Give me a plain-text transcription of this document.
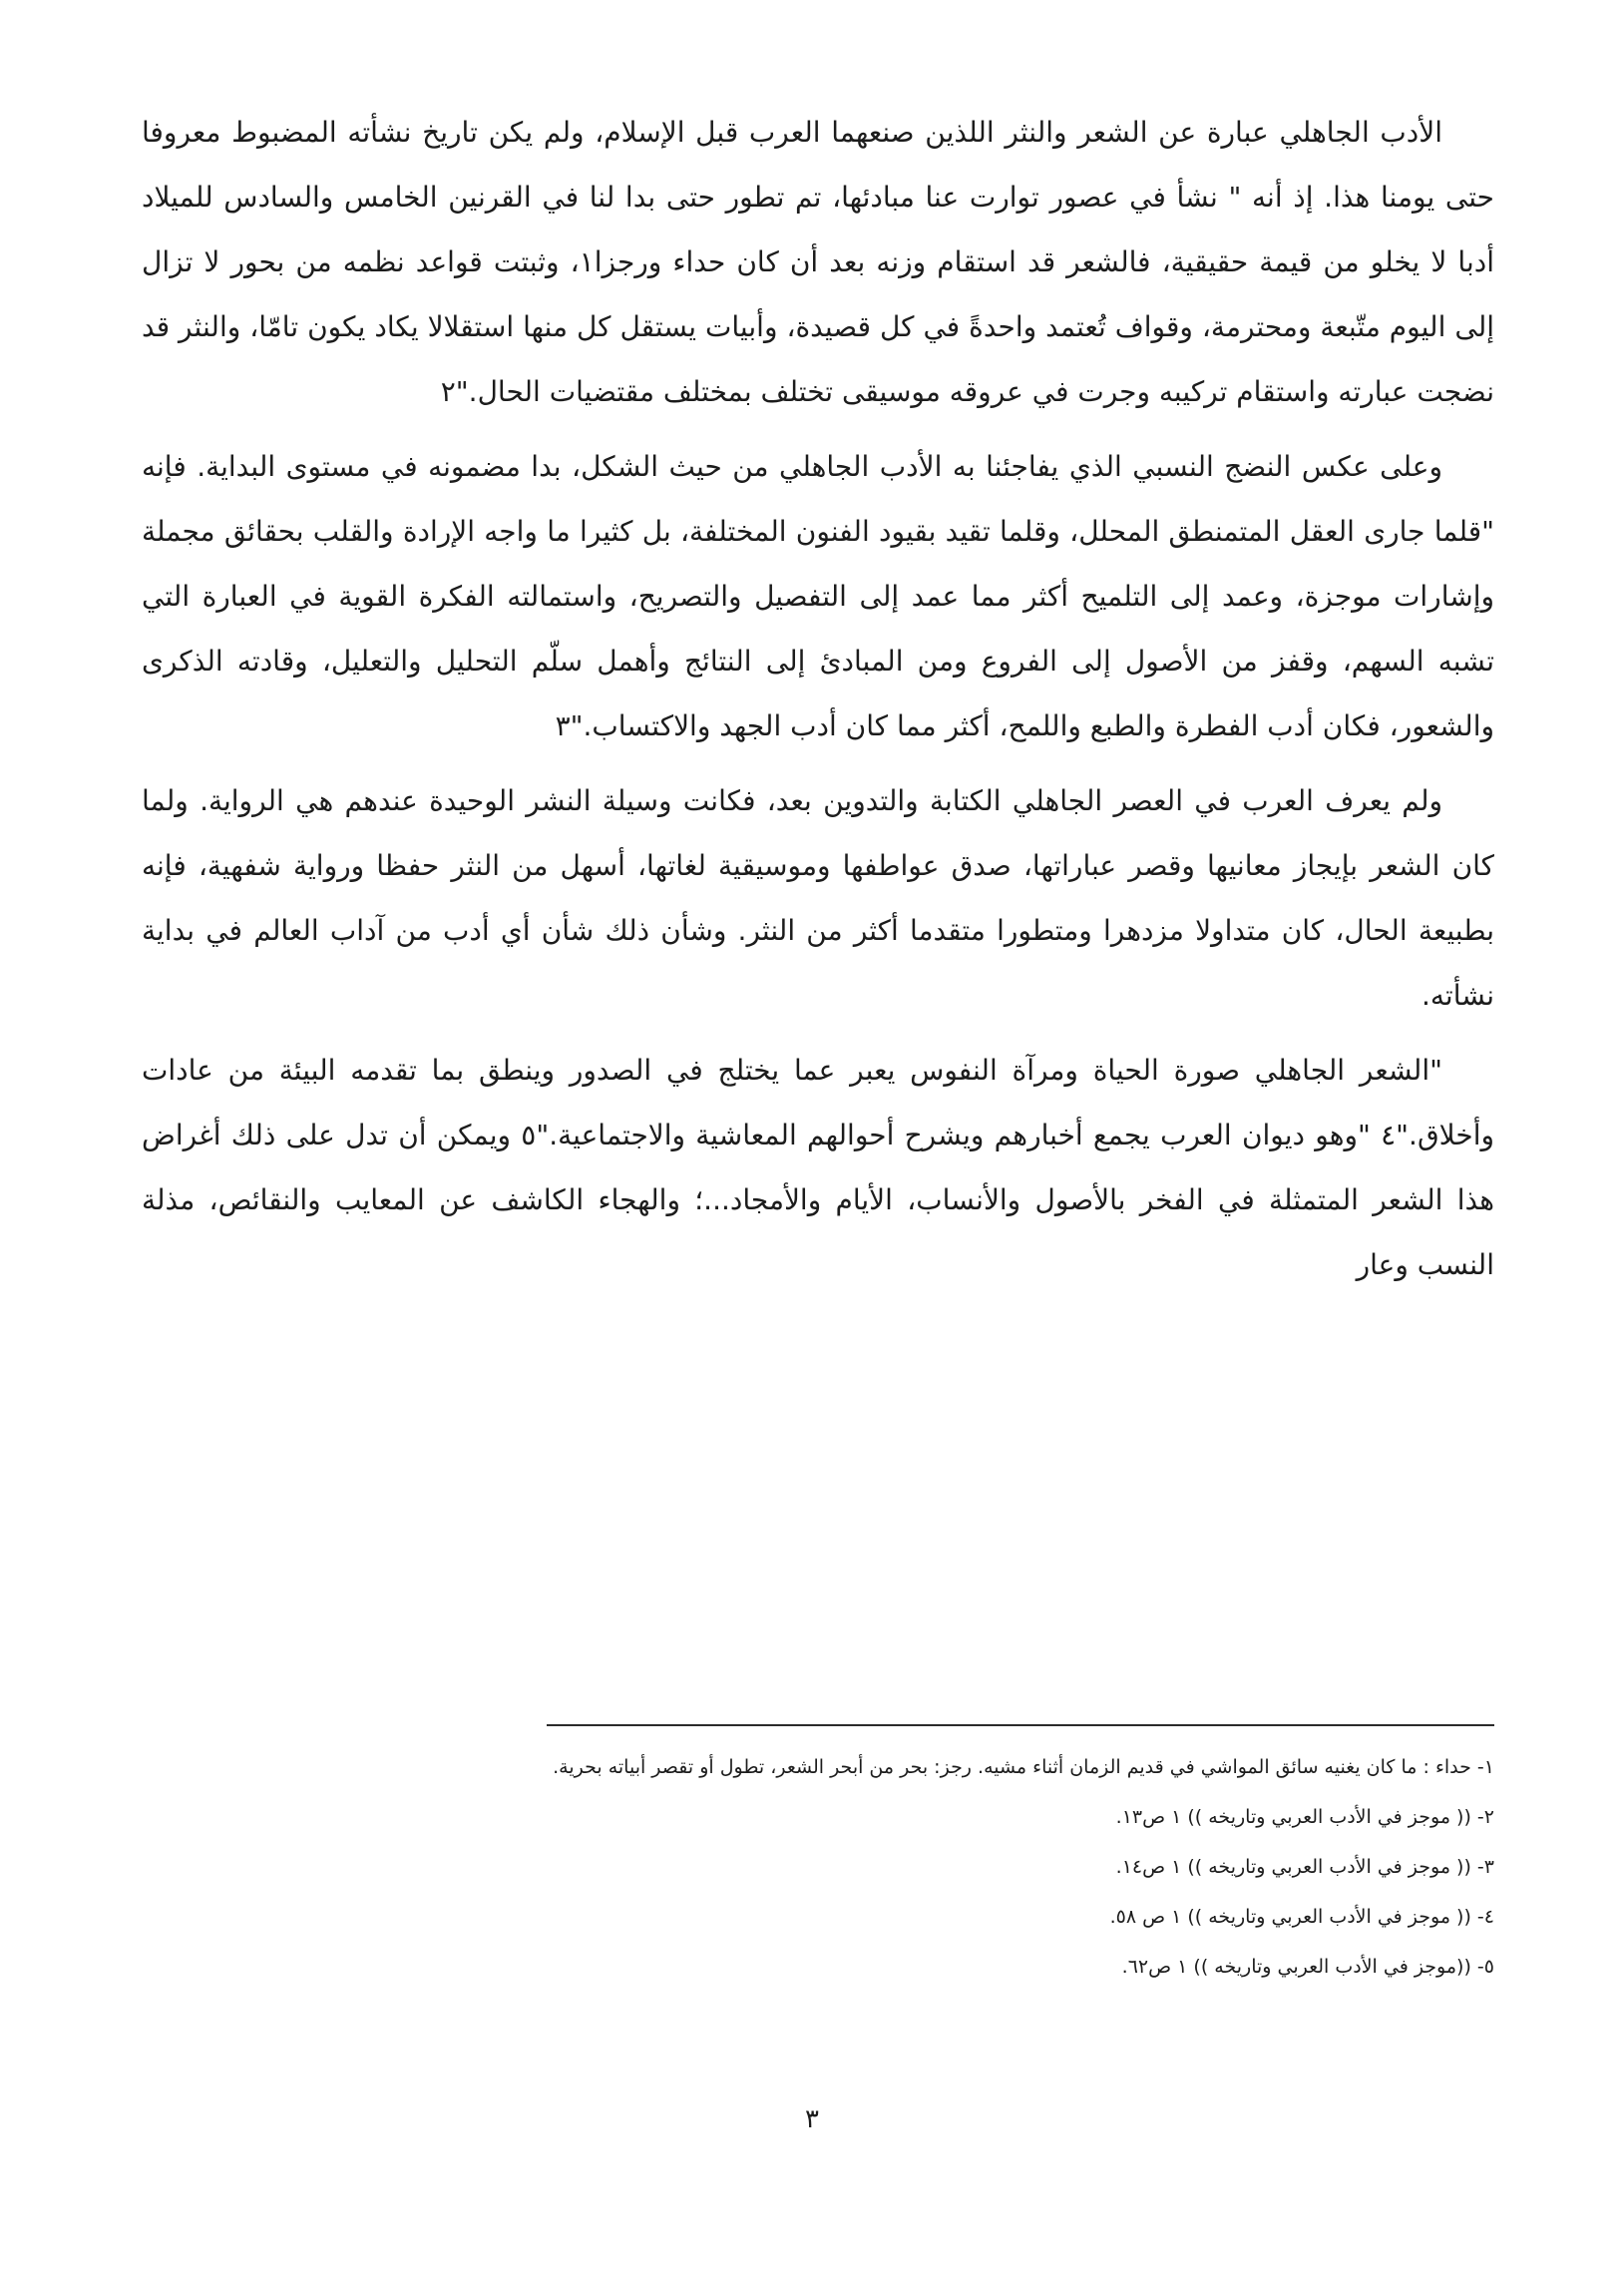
الأدب الجاهلي عبارة عن الشعر والنثر اللذين صنعهما العرب قبل الإسلام، ولم يكن تاريخ نشأته المضبوط معروفا حتى يومنا هذا. إذ أنه " نشأ في عصور توارت عنا مبادئها، تم تطور حتى بدا لنا في القرنين الخامس والسادس للميلاد أدبا لا يخلو من قيمة حقيقية، فالشعر قد استقام وزنه بعد أن كان حداء ورجزا١، وثبتت قواعد نظمه من بحور لا تزال إلى اليوم متّبعة ومحترمة، وقواف تُعتمد واحدةً في كل قصيدة، وأبيات يستقل كل منها استقلالا يكاد يكون تامّا، والنثر قد نضجت عبارته واستقام تركيبه وجرت في عروقه موسيقى تختلف بمختلف مقتضيات الحال."٢

وعلى عكس النضج النسبي الذي يفاجئنا به الأدب الجاهلي من حيث الشكل، بدا مضمونه في مستوى البداية. فإنه "قلما جارى العقل المتمنطق المحلل، وقلما تقيد بقيود الفنون المختلفة، بل كثيرا ما واجه الإرادة والقلب بحقائق مجملة وإشارات موجزة، وعمد إلى التلميح أكثر مما عمد إلى التفصيل والتصريح، واستمالته الفكرة القوية في العبارة التي تشبه السهم، وقفز من الأصول إلى الفروع ومن المبادئ إلى النتائج وأهمل سلّم التحليل والتعليل، وقادته الذكرى والشعور، فكان أدب الفطرة والطبع واللمح، أكثر مما كان أدب الجهد والاكتساب."٣

ولم يعرف العرب في العصر الجاهلي الكتابة والتدوين بعد، فكانت وسيلة النشر الوحيدة عندهم هي الرواية. ولما كان الشعر بإيجاز معانيها وقصر عباراتها، صدق عواطفها وموسيقية لغاتها، أسهل من النثر حفظا ورواية شفهية، فإنه بطبيعة الحال، كان متداولا مزدهرا ومتطورا متقدما أكثر من النثر. وشأن ذلك شأن أي أدب من آداب العالم في بداية نشأته.

"الشعر الجاهلي صورة الحياة ومرآة النفوس يعبر عما يختلج في الصدور وينطق بما تقدمه البيئة من عادات وأخلاق."٤ "وهو ديوان العرب يجمع أخبارهم ويشرح أحوالهم المعاشية والاجتماعية."٥ ويمكن أن تدل على ذلك أغراض هذا الشعر المتمثلة في الفخر بالأصول والأنساب، الأيام والأمجاد...؛ والهجاء الكاشف عن المعايب والنقائص، مذلة النسب وعار

١- حداء : ما كان يغنيه سائق المواشي في قديم الزمان أثناء مشيه. رجز: بحر من أبحر الشعر، تطول أو تقصر أبياته بحرية.

٢- (( موجز في الأدب العربي وتاريخه )) ١ ص١٣.

٣- (( موجز في الأدب العربي وتاريخه )) ١ ص١٤.

٤- (( موجز في الأدب العربي وتاريخه )) ١ ص ٥٨.

٥- ((موجز في الأدب العربي وتاريخه )) ١ ص٦٢.

٣
